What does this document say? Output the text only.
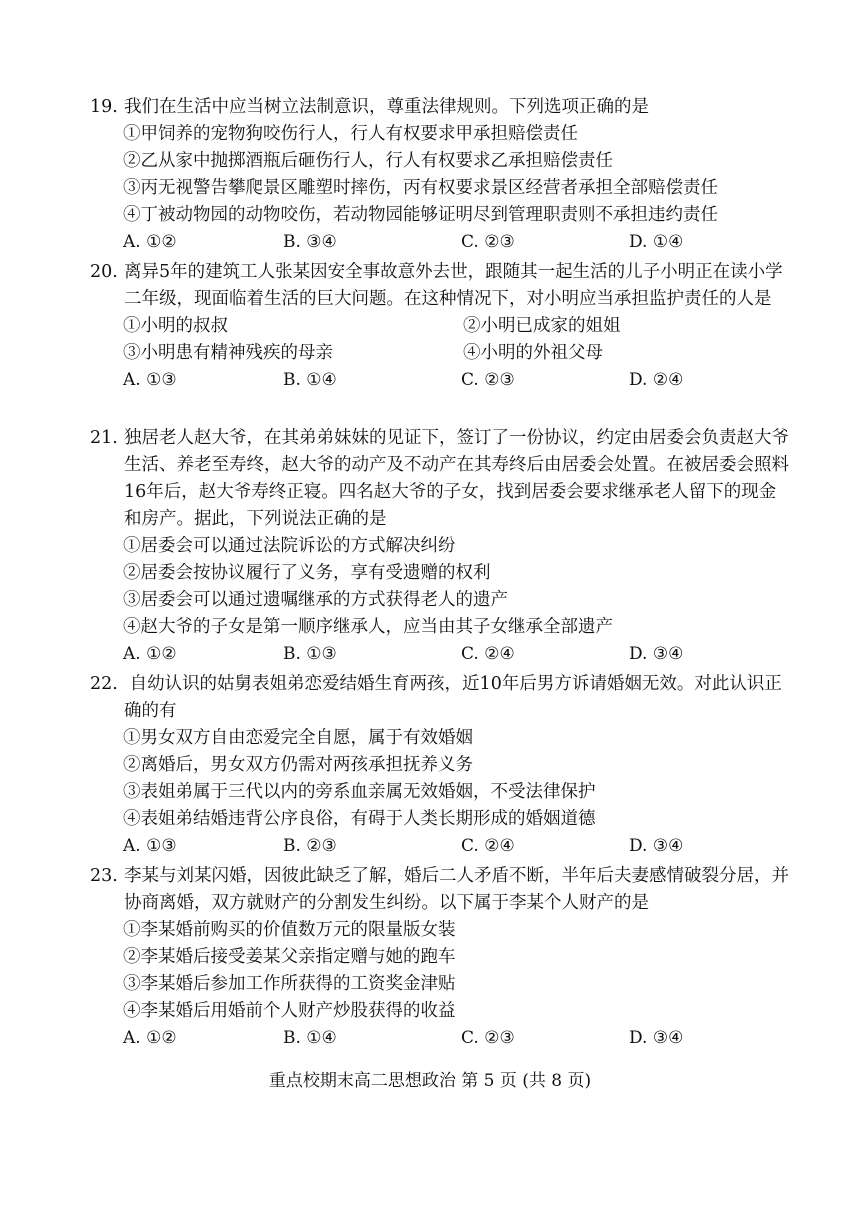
19. 我们在生活中应当树立法制意识，尊重法律规则。下列选项正确的是

①甲饲养的宠物狗咬伤行人，行人有权要求甲承担赔偿责任

②乙从家中抛掷酒瓶后砸伤行人，行人有权要求乙承担赔偿责任

③丙无视警告攀爬景区雕塑时摔伤，丙有权要求景区经营者承担全部赔偿责任

④丁被动物园的动物咬伤，若动物园能够证明尽到管理职责则不承担违约责任

A. ①②	B. ③④	C. ②③	D. ①④

20. 离异5年的建筑工人张某因安全事故意外去世，跟随其一起生活的儿子小明正在读小学二年级，现面临着生活的巨大问题。在这种情况下，对小明应当承担监护责任的人是

①小明的叔叔	②小明已成家的姐姐

③小明患有精神残疾的母亲	④小明的外祖父母

A. ①③	B. ①④	C. ②③	D. ②④

21. 独居老人赵大爷，在其弟弟妹妹的见证下，签订了一份协议，约定由居委会负责赵大爷生活、养老至寿终，赵大爷的动产及不动产在其寿终后由居委会处置。在被居委会照料16年后，赵大爷寿终正寝。四名赵大爷的子女，找到居委会要求继承老人留下的现金和房产。据此，下列说法正确的是

①居委会可以通过法院诉讼的方式解决纠纷

②居委会按协议履行了义务，享有受遗赠的权利

③居委会可以通过遗嘱继承的方式获得老人的遗产

④赵大爷的子女是第一顺序继承人，应当由其子女继承全部遗产

A. ①②	B. ①③	C. ②④	D. ③④

22. 自幼认识的姑舅表姐弟恋爱结婚生育两孩，近10年后男方诉请婚姻无效。对此认识正确的有

①男女双方自由恋爱完全自愿，属于有效婚姻

②离婚后，男女双方仍需对两孩承担抚养义务

③表姐弟属于三代以内的旁系血亲属无效婚姻，不受法律保护

④表姐弟结婚违背公序良俗，有碍于人类长期形成的婚姻道德

A. ①③	B. ②③	C. ②④	D. ③④

23. 李某与刘某闪婚，因彼此缺乏了解，婚后二人矛盾不断，半年后夫妻感情破裂分居，并协商离婚，双方就财产的分割发生纠纷。以下属于李某个人财产的是

①李某婚前购买的价值数万元的限量版女装

②李某婚后接受姜某父亲指定赠与她的跑车

③李某婚后参加工作所获得的工资奖金津贴

④李某婚后用婚前个人财产炒股获得的收益

A. ①②	B. ①④	C. ②③	D. ③④
重点校期末高二思想政治 第 5 页 (共 8 页)
